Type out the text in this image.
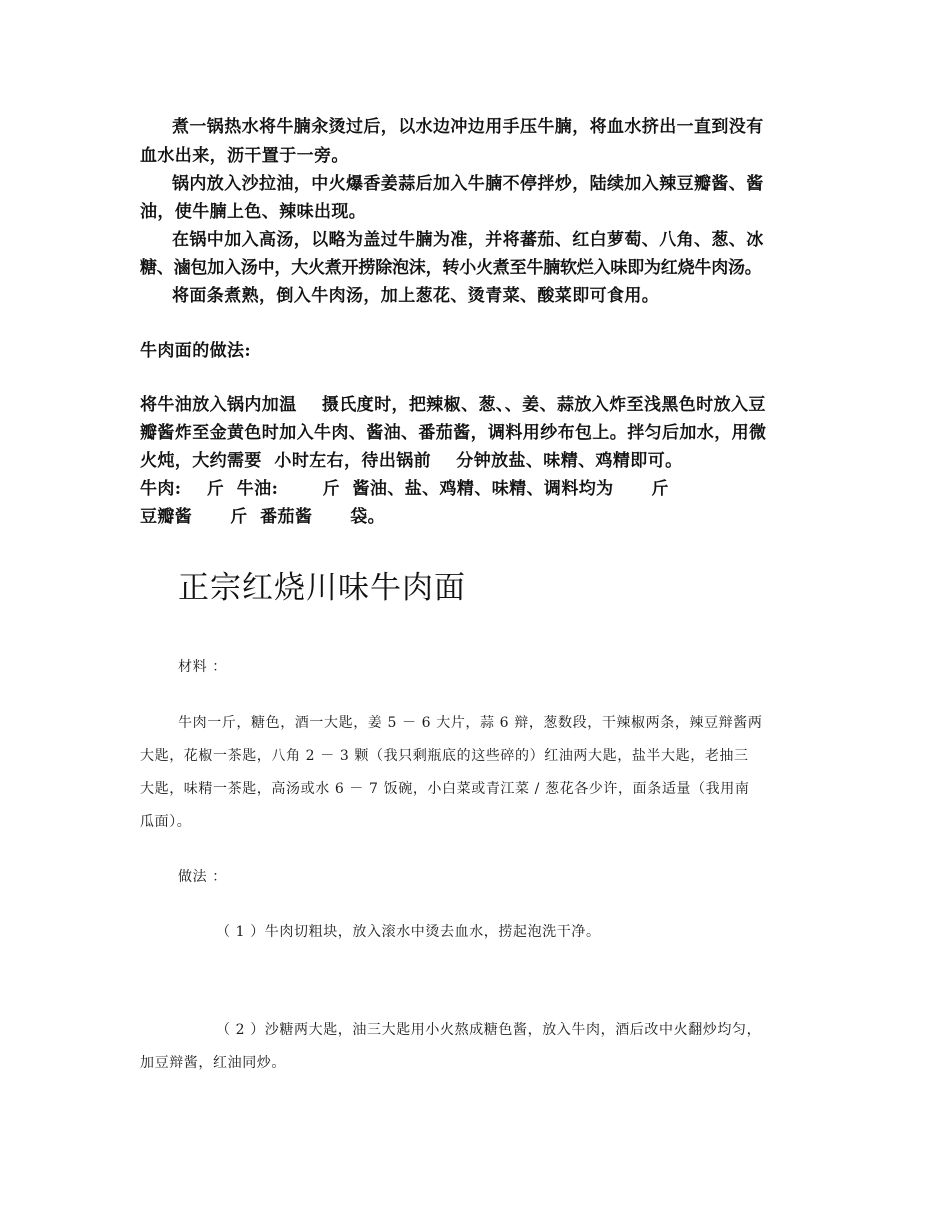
煮一锅热水将牛腩汆烫过后，以水边冲边用手压牛腩，将血水挤出一直到没有

血水出来，沥干置于一旁。

锅内放入沙拉油，中火爆香姜蒜后加入牛腩不停拌炒，陆续加入辣豆瓣酱、酱

油，使牛腩上色、辣味出现。

在锅中加入高汤，以略为盖过牛腩为准，并将蕃茄、红白萝萄、八角、葱、冰

糖、滷包加入汤中，大火煮开捞除泡沫，转小火煮至牛腩软烂入味即为红烧牛肉汤。

将面条煮熟，倒入牛肉汤，加上葱花、烫青菜、酸菜即可食用。

牛肉面的做法:

将牛油放入锅内加温    摄氏度时，把辣椒、葱、、姜、蒜放入炸至浅黑色时放入豆

瓣酱炸至金黄色时加入牛肉、酱油、番茄酱，调料用纱布包上。拌匀后加水，用微

火炖，大约需要  小时左右，待出锅前    分钟放盐、味精、鸡精即可。

牛肉:    斤  牛油:       斤  酱油、盐、鸡精、味精、调料均为      斤

豆瓣酱      斤  番茄酱      袋。

正宗红烧川味牛肉面

材料 ：

牛肉一斤，糖色，酒一大匙，姜 5 － 6 大片，蒜 6 辩，葱数段，干辣椒两条，辣豆辩酱两

大匙，花椒一茶匙，八角 2 － 3 颗（我只剩瓶底的这些碎的）红油两大匙，盐半大匙，老抽三

大匙，味精一茶匙，高汤或水 6 － 7 饭碗，小白菜或青江菜 / 葱花各少许，面条适量（我用南

瓜面）。

做法 ：

（ 1 ）牛肉切粗块，放入滚水中烫去血水，捞起泡洗干净。

（ 2 ）沙糖两大匙，油三大匙用小火熬成糖色酱，放入牛肉，酒后改中火翻炒均匀，

加豆辩酱，红油同炒。
